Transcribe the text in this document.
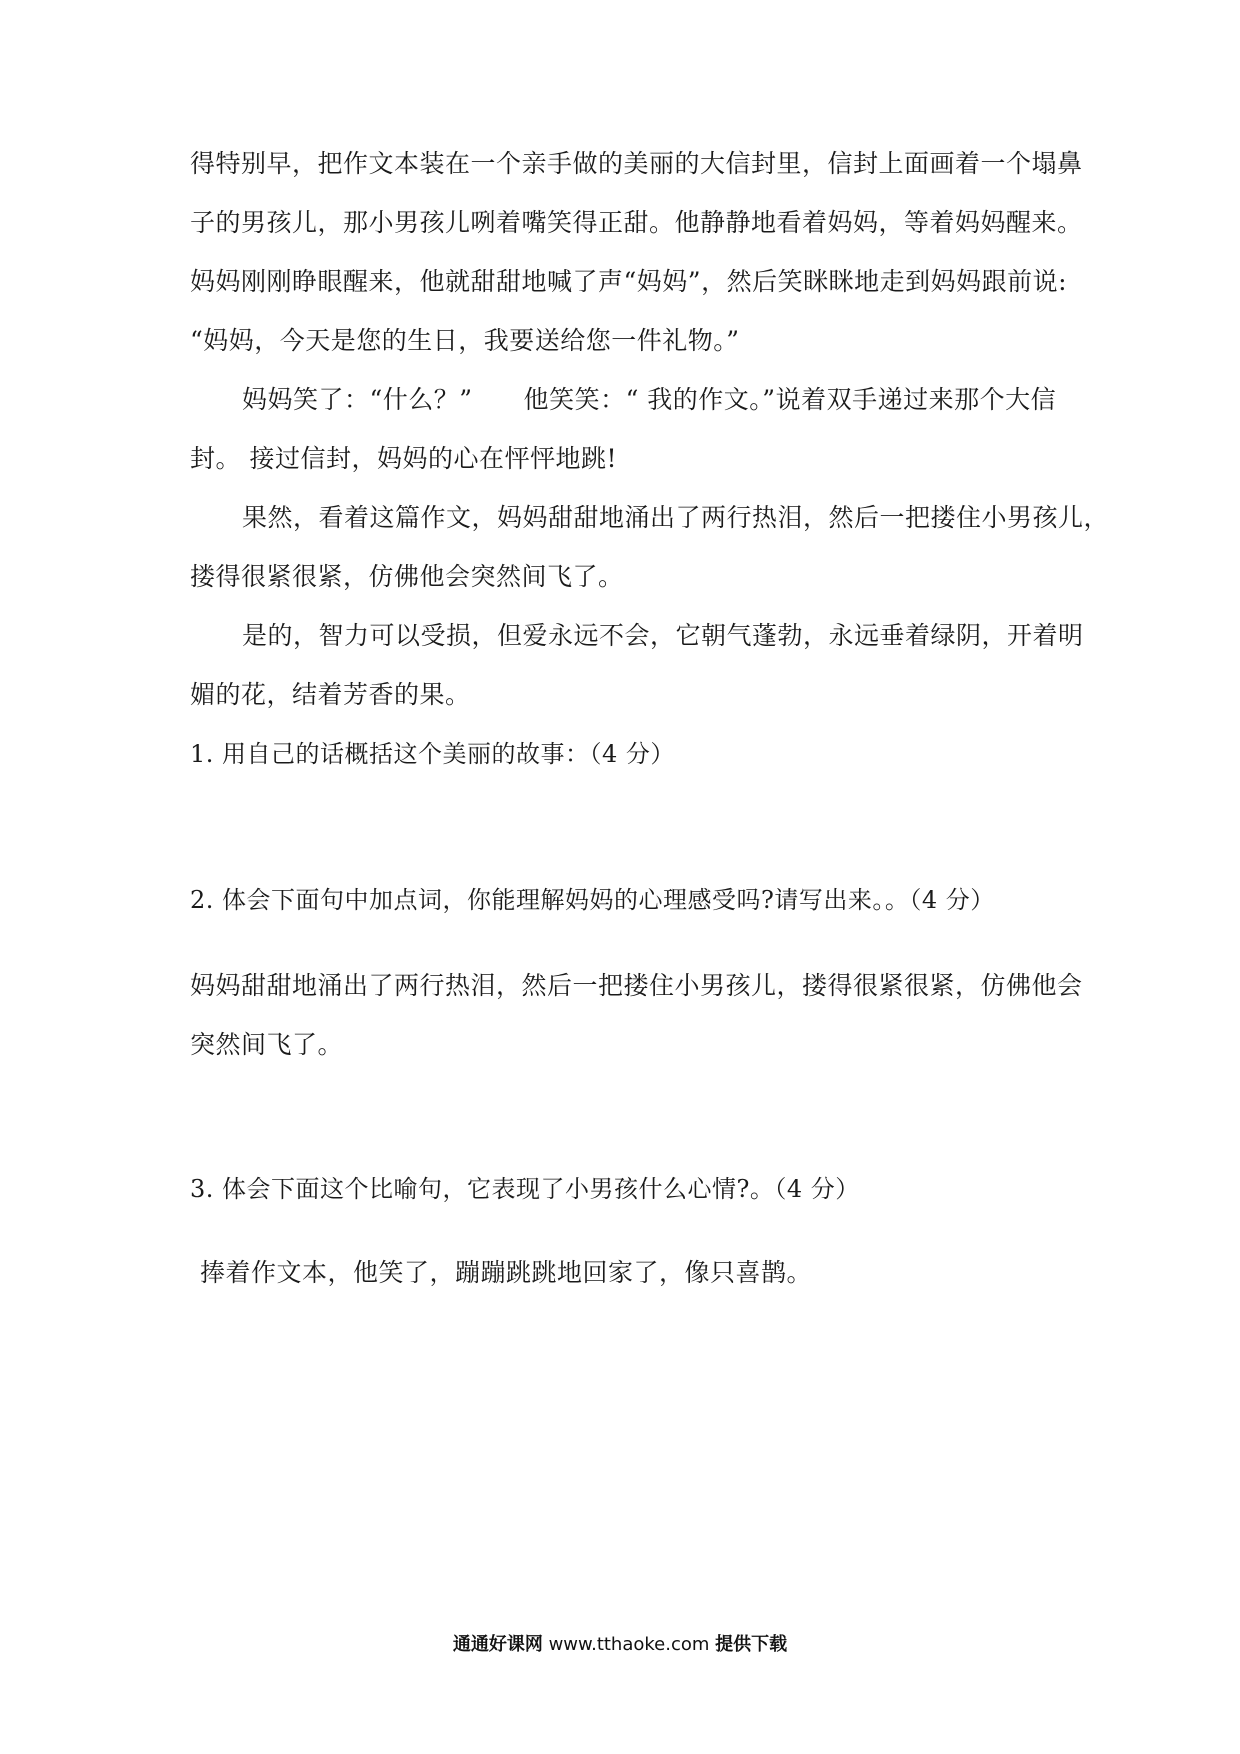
得特别早，把作文本装在一个亲手做的美丽的大信封里，信封上面画着一个塌鼻
子的男孩儿，那小男孩儿咧着嘴笑得正甜。他静静地看着妈妈，等着妈妈醒来。
妈妈刚刚睁眼醒来，他就甜甜地喊了声“妈妈”，然后笑眯眯地走到妈妈跟前说:
“妈妈，今天是您的生日，我要送给您一件礼物。”
妈妈笑了：“什么？”　　他笑笑：“ 我的作文。”说着双手递过来那个大信
封。 接过信封，妈妈的心在怦怦地跳!
果然，看着这篇作文，妈妈甜甜地涌出了两行热泪，然后一把搂住小男孩儿，
搂得很紧很紧，仿佛他会突然间飞了。
是的，智力可以受损，但爱永远不会，它朝气蓬勃，永远垂着绿阴，开着明
媚的花，结着芳香的果。
1. 用自己的话概括这个美丽的故事：（4 分）
2. 体会下面句中加点词，你能理解妈妈的心理感受吗?请写出来。。（4 分）
妈妈甜甜地涌出了两行热泪，然后一把搂住小男孩儿，搂得很紧很紧，仿佛他会
突然间飞了。
3. 体会下面这个比喻句，它表现了小男孩什么心情?。（4 分）
捧着作文本，他笑了，蹦蹦跳跳地回家了，像只喜鹊。
通通好课网 www.tthaoke.com 提供下载
